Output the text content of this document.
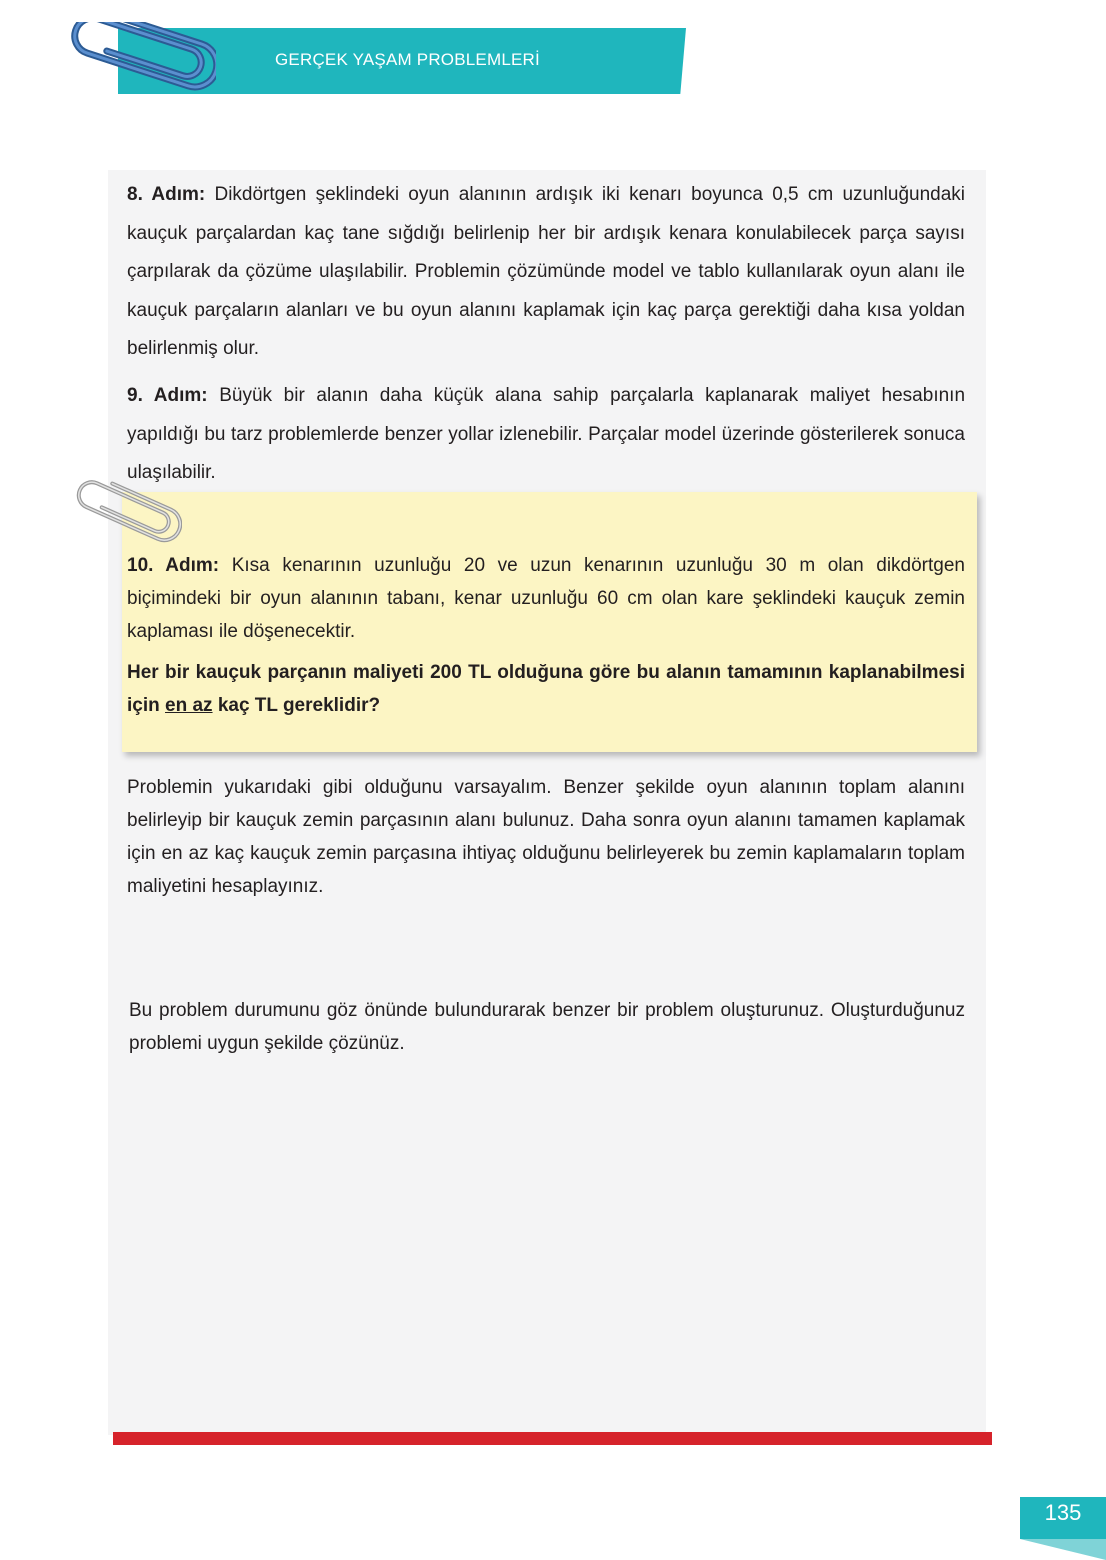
GERÇEK YAŞAM PROBLEMLERİ
8. Adım: Dikdörtgen şeklindeki oyun alanının ardışık iki kenarı boyunca 0,5 cm uzunluğundaki kauçuk parçalardan kaç tane sığdığı belirlenip her bir ardışık kenara konulabilecek parça sayısı çarpılarak da çözüme ulaşılabilir. Problemin çözümünde model ve tablo kullanılarak oyun alanı ile kauçuk parçaların alanları ve bu oyun alanını kaplamak için kaç parça gerektiği daha kısa yoldan belirlenmiş olur.
9. Adım: Büyük bir alanın daha küçük alana sahip parçalarla kaplanarak maliyet hesabının yapıldığı bu tarz problemlerde benzer yollar izlenebilir. Parçalar model üzerinde gösterilerek sonuca ulaşılabilir.
10. Adım: Kısa kenarının uzunluğu 20 ve uzun kenarının uzunluğu 30 m olan dikdörtgen biçimindeki bir oyun alanının tabanı, kenar uzunluğu 60 cm olan kare şeklindeki kauçuk zemin kaplaması ile döşenecektir.
Her bir kauçuk parçanın maliyeti 200 TL olduğuna göre bu alanın tamamının kaplanabilmesi için en az kaç TL gereklidir?
Problemin yukarıdaki gibi olduğunu varsayalım. Benzer şekilde oyun alanının toplam alanını belirleyip bir kauçuk zemin parçasının alanı bulunuz. Daha sonra oyun alanını tamamen kaplamak için en az kaç kauçuk zemin parçasına ihtiyaç olduğunu belirleyerek bu zemin kaplamaların toplam maliyetini hesaplayınız.
Bu problem durumunu göz önünde bulundurarak benzer bir problem oluşturunuz. Oluşturduğunuz problemi uygun şekilde çözünüz.
135
